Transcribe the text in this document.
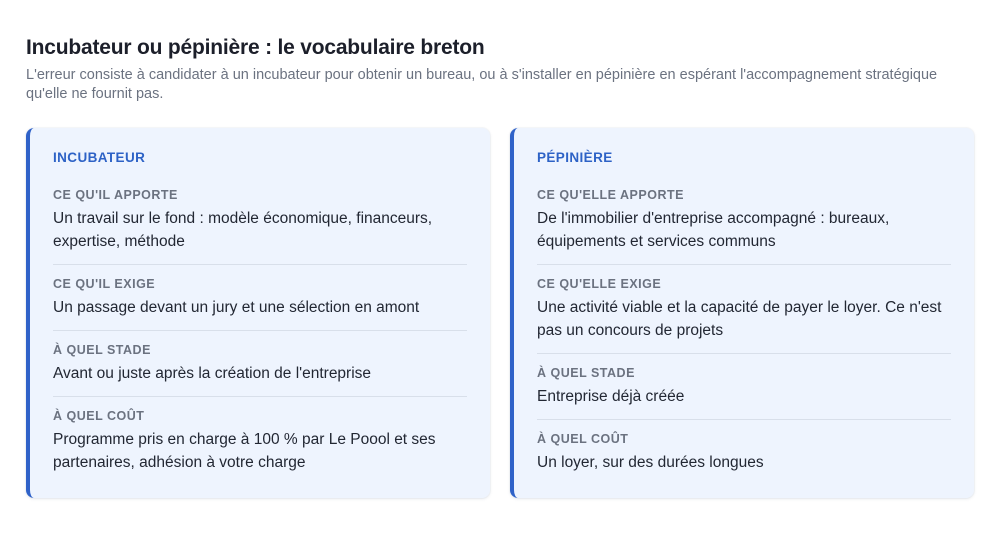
Incubateur ou pépinière : le vocabulaire breton

L'erreur consiste à candidater à un incubateur pour obtenir un bureau, ou à s'installer en pépinière en espérant l'accompagnement stratégique qu'elle ne fournit pas.

INCUBATEUR
CE QU'IL APPORTE
Un travail sur le fond : modèle économique, financeurs, expertise, méthode
CE QU'IL EXIGE
Un passage devant un jury et une sélection en amont
À QUEL STADE
Avant ou juste après la création de l'entreprise
À QUEL COÛT
Programme pris en charge à 100 % par Le Poool et ses partenaires, adhésion à votre charge
PÉPINIÈRE
CE QU'ELLE APPORTE
De l'immobilier d'entreprise accompagné : bureaux, équipements et services communs
CE QU'ELLE EXIGE
Une activité viable et la capacité de payer le loyer. Ce n'est pas un concours de projets
À QUEL STADE
Entreprise déjà créée
À QUEL COÛT
Un loyer, sur des durées longues
